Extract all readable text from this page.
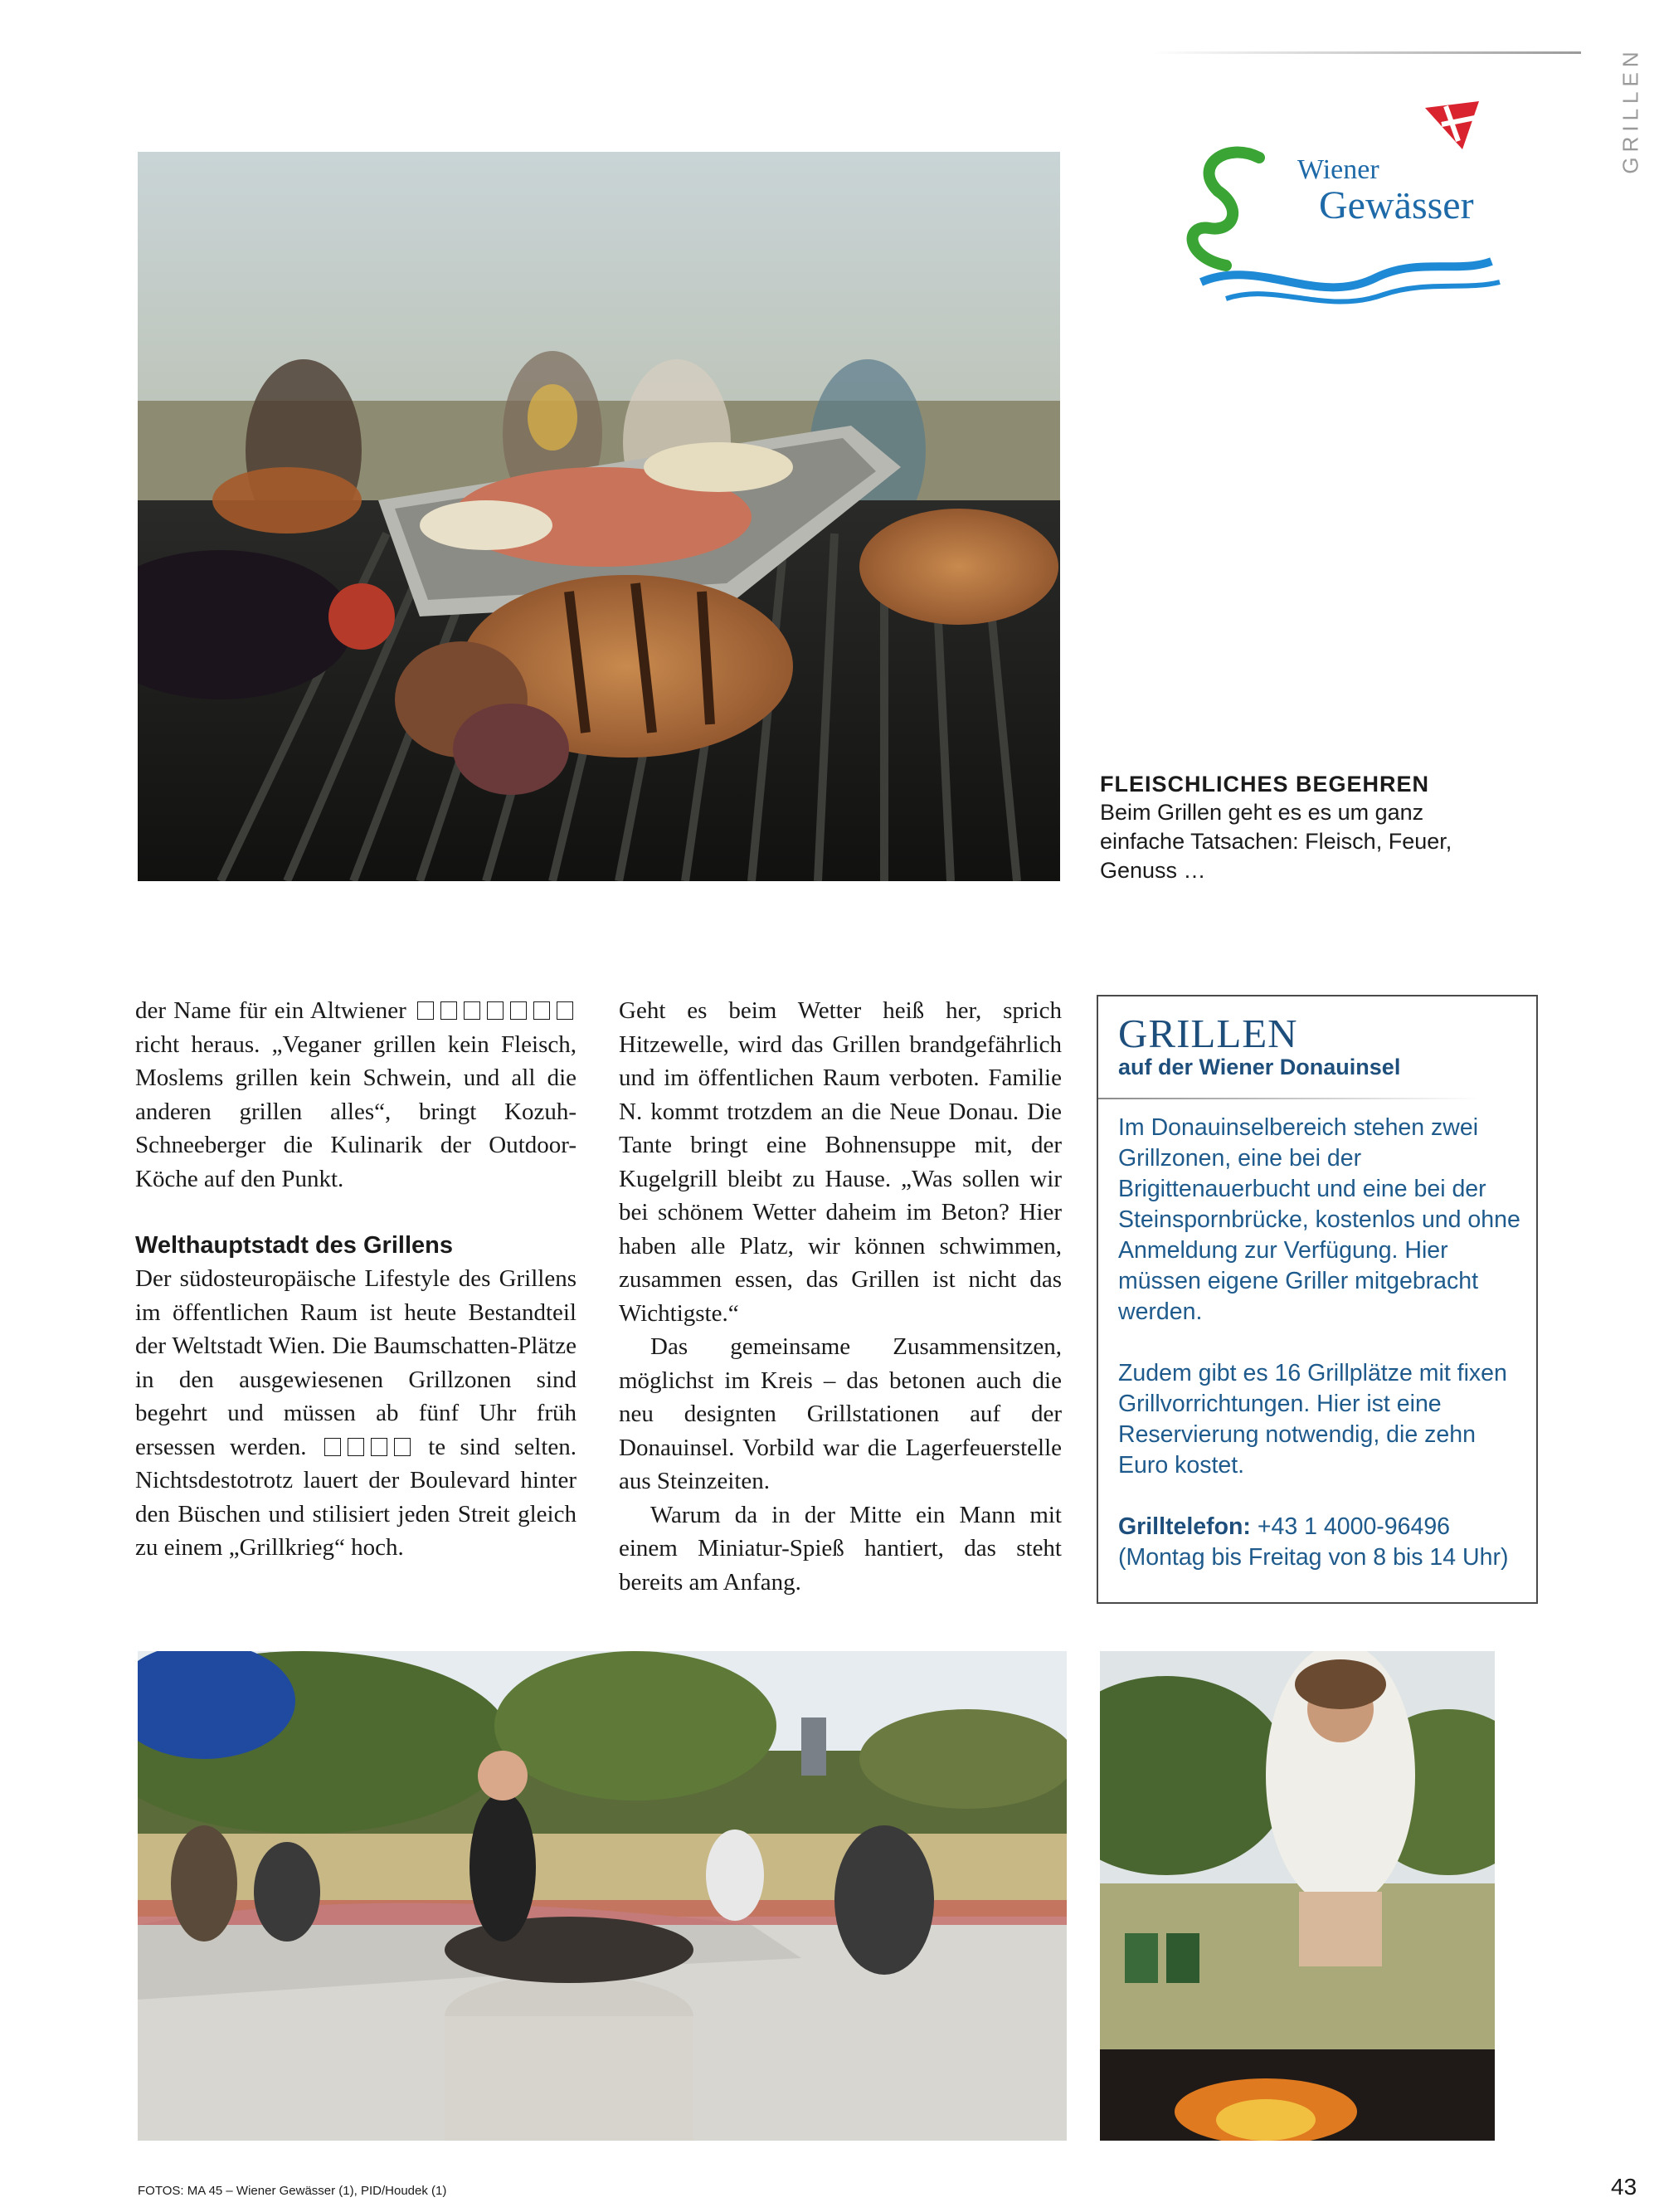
GRILLEN
Wiener
Gewässer
FLEISCHLICHES BEGEHREN
Beim Grillen geht es es um ganz einfache Tatsachen: Fleisch, Feuer, Genuss …

der Name für ein Altwiener  richt heraus. „Veganer grillen kein Fleisch, Moslems grillen kein Schwein, und all die anderen grillen alles“, bringt Kozuh-Schneeberger die Kulinarik der Outdoor-Köche auf den Punkt.

Welthauptstadt des Grillens

Der südosteuropäische Lifestyle des Grillens im öffentlichen Raum ist heute Bestandteil der Weltstadt Wien. Die Baumschatten-Plätze in den ausgewiesenen Grillzonen sind begehrt und müssen ab fünf Uhr früh ersessen werden.	te sind selten. Nichtsdestotrotz lauert der Boulevard hinter den Büschen und stilisiert jeden Streit gleich zu einem „Grillkrieg“ hoch.

Geht es beim Wetter heiß her, sprich Hitzewelle, wird das Grillen brandgefährlich und im öffentlichen Raum verboten. Familie N. kommt trotzdem an die Neue Donau. Die Tante bringt eine Bohnensuppe mit, der Kugelgrill bleibt zu Hause. „Was sollen wir bei schönem Wetter daheim im Beton? Hier haben alle Platz, wir können schwimmen, zusammen essen, das Grillen ist nicht das Wichtigste.“

Das gemeinsame Zusammensitzen, möglichst im Kreis – das betonen auch die neu designten Grillstationen auf der Donauinsel. Vorbild war die Lagerfeuerstelle aus Steinzeiten.

Warum da in der Mitte ein Mann mit einem Miniatur-Spieß hantiert, das steht bereits am Anfang.

GRILLEN
auf der Wiener Donauinsel

Im Donauinselbereich stehen zwei Grillzonen, eine bei der Brigittenauerbucht und eine bei der Steinspornbrücke, kostenlos und ohne Anmeldung zur Verfügung. Hier müssen eigene Griller mitgebracht werden.

Zudem gibt es 16 Grillplätze mit fixen Grillvorrichtungen. Hier ist eine Reservierung notwendig, die zehn Euro kostet.

Grilltelefon: +43 1 4000-96496
(Montag bis Freitag von 8 bis 14 Uhr)
FOTOS: MA 45 – Wiener Gewässer (1), PID/Houdek (1)	43
